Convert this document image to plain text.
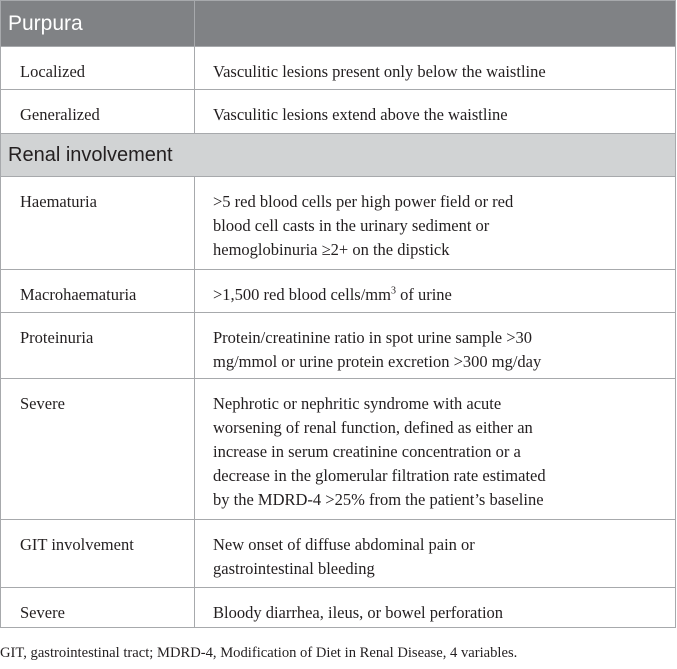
Purpura	
Localized	Vasculitic lesions present only below the waistline
Generalized	Vasculitic lesions extend above the waistline
Renal involvement	
Haematuria	>5 red blood cells per high power field or red
blood cell casts in the urinary sediment or
hemoglobinuria ≥2+ on the dipstick

Macrohaematuria	>1,500 red blood cells/$mm^3$ of urine
Proteinuria	Protein/creatinine ratio in spot urine sample >30
mg/mmol or urine protein excretion >300 mg/day

Severe	Nephrotic or nephritic syndrome with acute
worsening of renal function, defined as either an
increase in serum creatinine concentration or a
decrease in the glomerular filtration rate estimated
by the MDRD-4 >25% from the patient’s baseline

GIT involvement	New onset of diffuse abdominal pain or
gastrointestinal bleeding

Severe	Bloody diarrhea, ileus, or bowel perforation
GIT, gastrointestinal tract; MDRD-4, Modification of Diet in Renal Disease, 4 variables.
